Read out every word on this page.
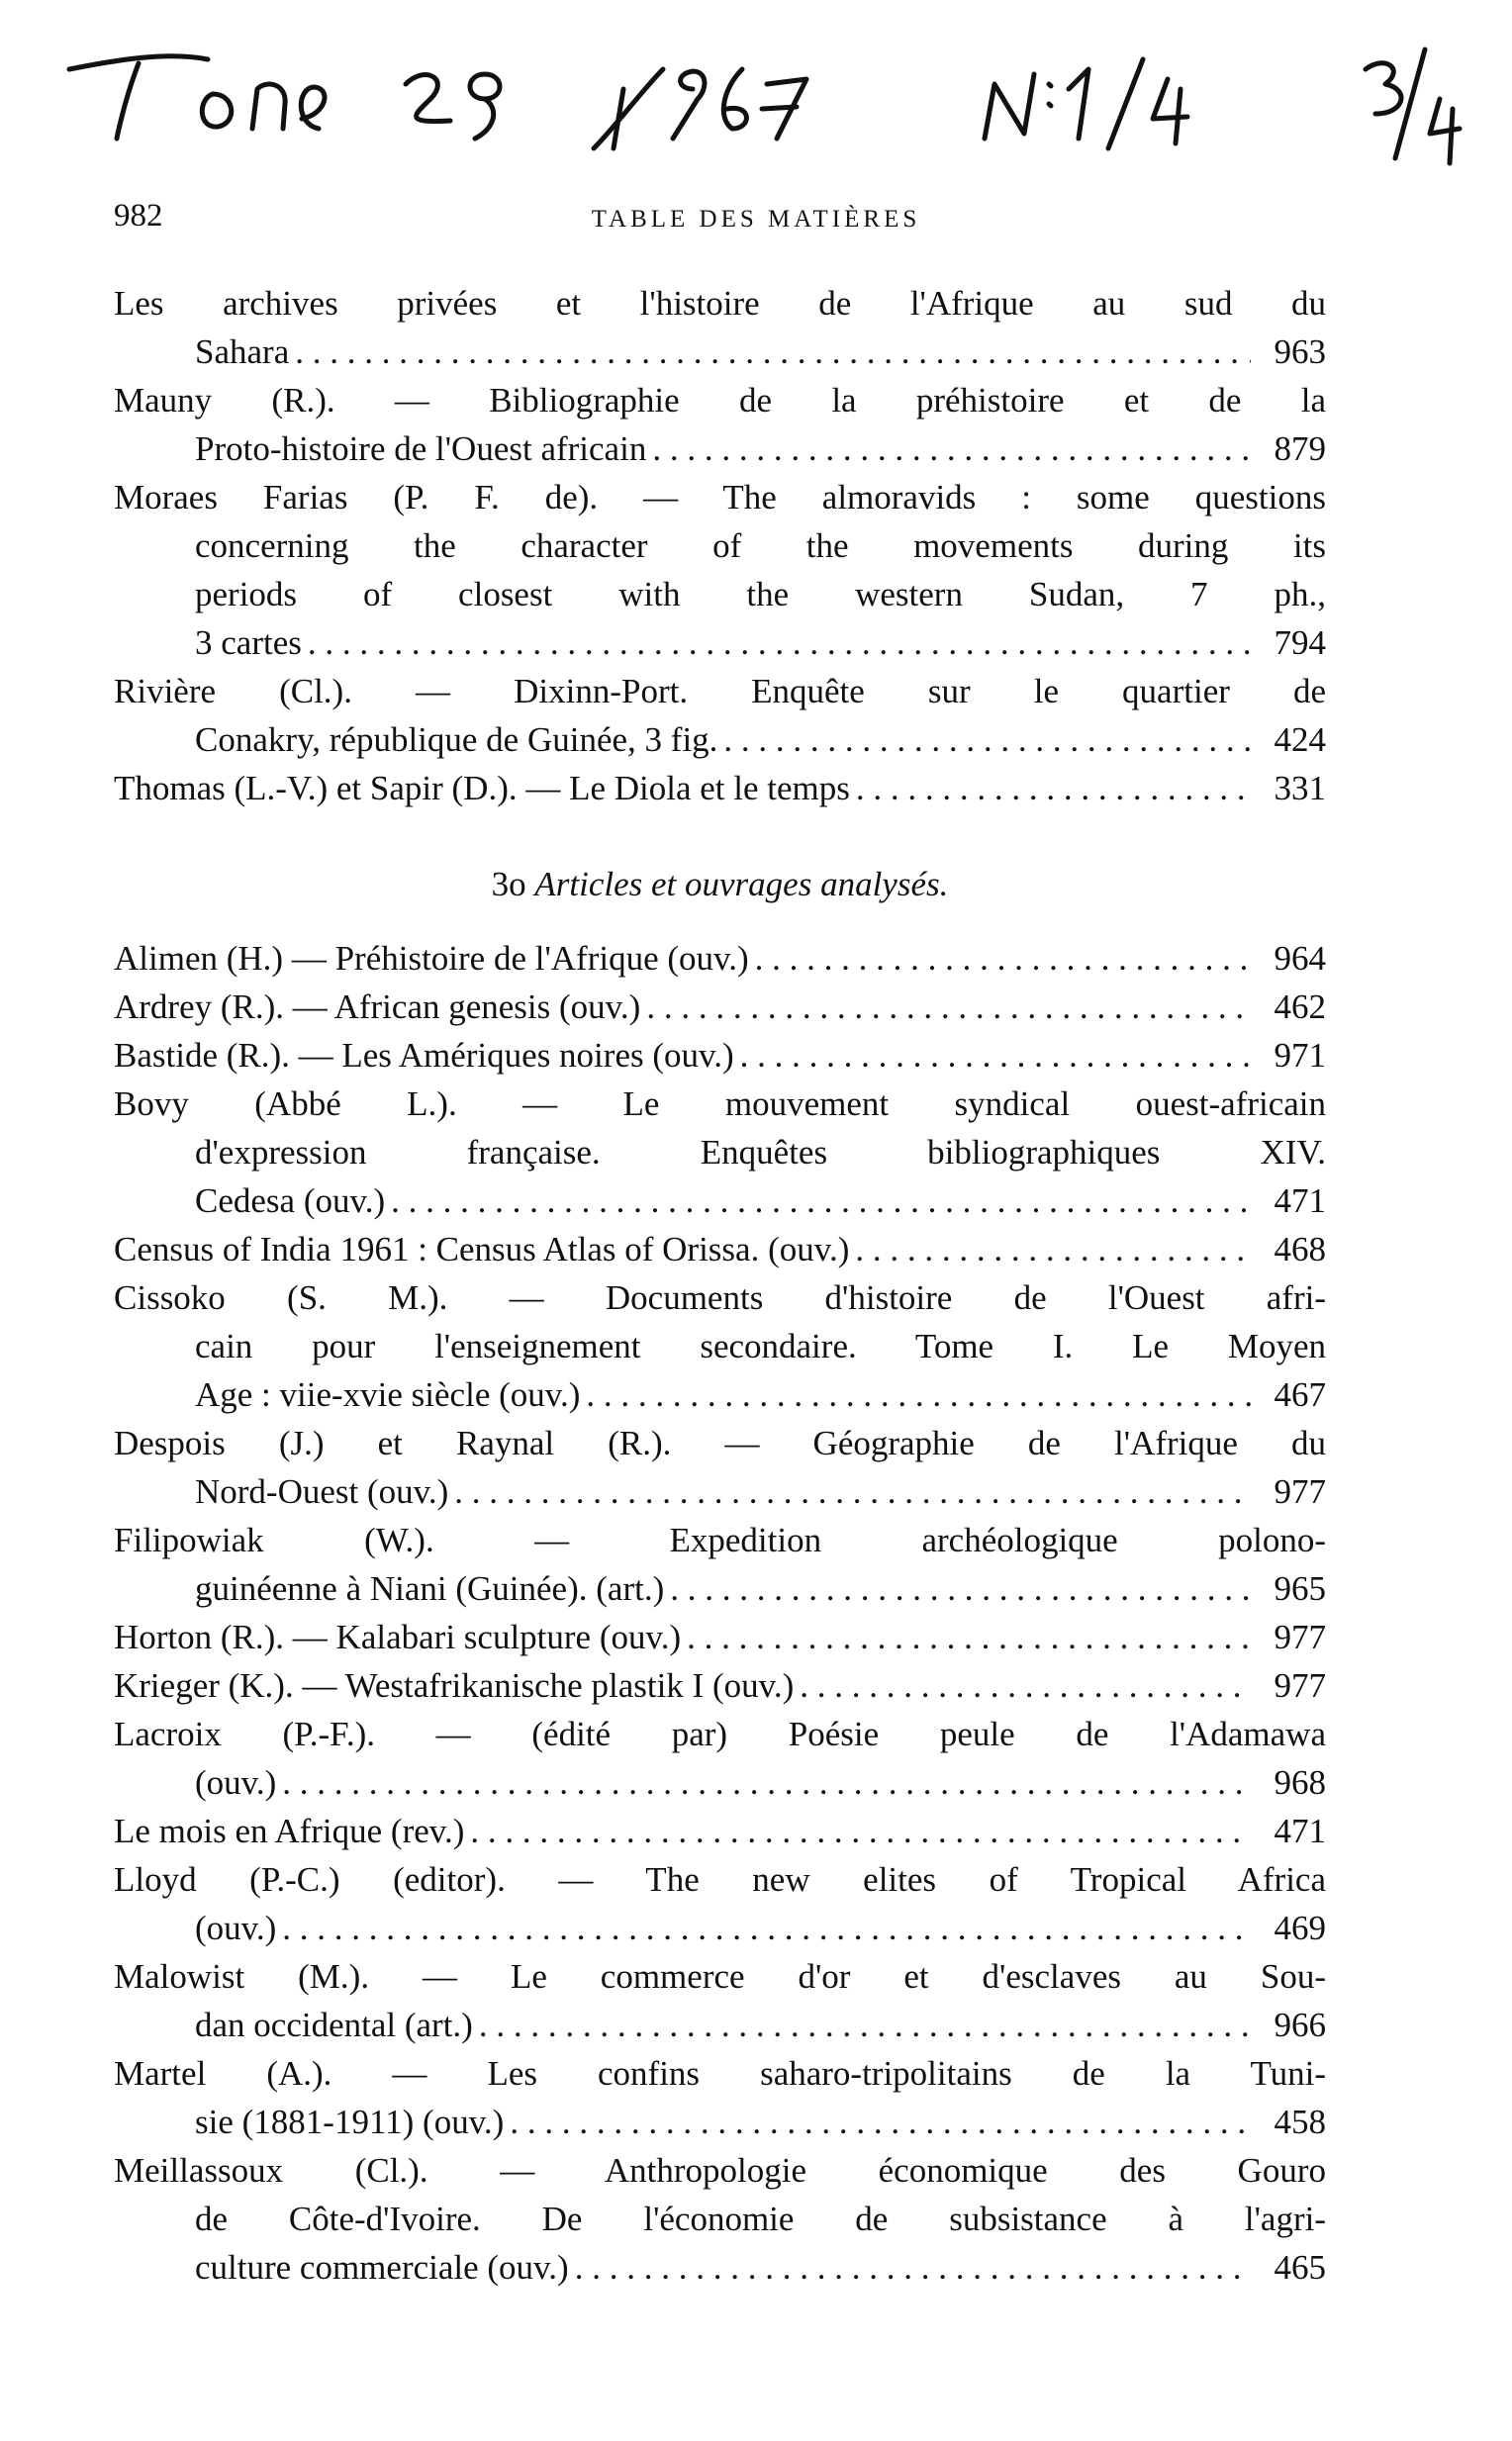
982	TABLE DES MATIÈRES
Les archives privées et l'histoire de l'Afrique au sud du
Sahara . . .	963
Mauny (R.). — Bibliographie de la préhistoire et de la
Proto-histoire de l'Ouest africain . . .	879
Moraes Farias (P. F. de). — The almoravids : some questions
concerning the character of the movements during its
periods of closest with the western Sudan, 7 ph.,
3 cartes . . .	794
Rivière (Cl.). — Dixinn-Port. Enquête sur le quartier de
Conakry, république de Guinée, 3 fig. . . .	424
Thomas (L.-V.) et Sapir (D.). — Le Diola et le temps . . .	331
3o Articles et ouvrages analysés.
Alimen (H.) — Préhistoire de l'Afrique (ouv.) . . .	964
Ardrey (R.). — African genesis (ouv.) . . .	462
Bastide (R.). — Les Amériques noires (ouv.) . . .	971
Bovy (Abbé L.). — Le mouvement syndical ouest-africain
d'expression française. Enquêtes bibliographiques XIV.
Cedesa (ouv.) . . .	471
Census of India 1961 : Census Atlas of Orissa. (ouv.) . . .	468
Cissoko (S. M.). — Documents d'histoire de l'Ouest afri-
cain pour l'enseignement secondaire. Tome I. Le Moyen
Age : viie-xvie siècle (ouv.) . . .	467
Despois (J.) et Raynal (R.). — Géographie de l'Afrique du
Nord-Ouest (ouv.) . . .	977
Filipowiak (W.). — Expedition archéologique polono-
guinéenne à Niani (Guinée). (art.) . . .	965
Horton (R.). — Kalabari sculpture (ouv.) . . .	977
Krieger (K.). — Westafrikanische plastik I (ouv.) . . .	977
Lacroix (P.-F.). — (édité par) Poésie peule de l'Adamawa
(ouv.) . . .	968
Le mois en Afrique (rev.) . . .	471
Lloyd (P.-C.) (editor). — The new elites of Tropical Africa
(ouv.) . . .	469
Malowist (M.). — Le commerce d'or et d'esclaves au Sou-
dan occidental (art.) . . .	966
Martel (A.). — Les confins saharo-tripolitains de la Tuni-
sie (1881-1911) (ouv.) . . .	458
Meillassoux (Cl.). — Anthropologie économique des Gouro
de Côte-d'Ivoire. De l'économie de subsistance à l'agri-
culture commerciale (ouv.) . . .	465
